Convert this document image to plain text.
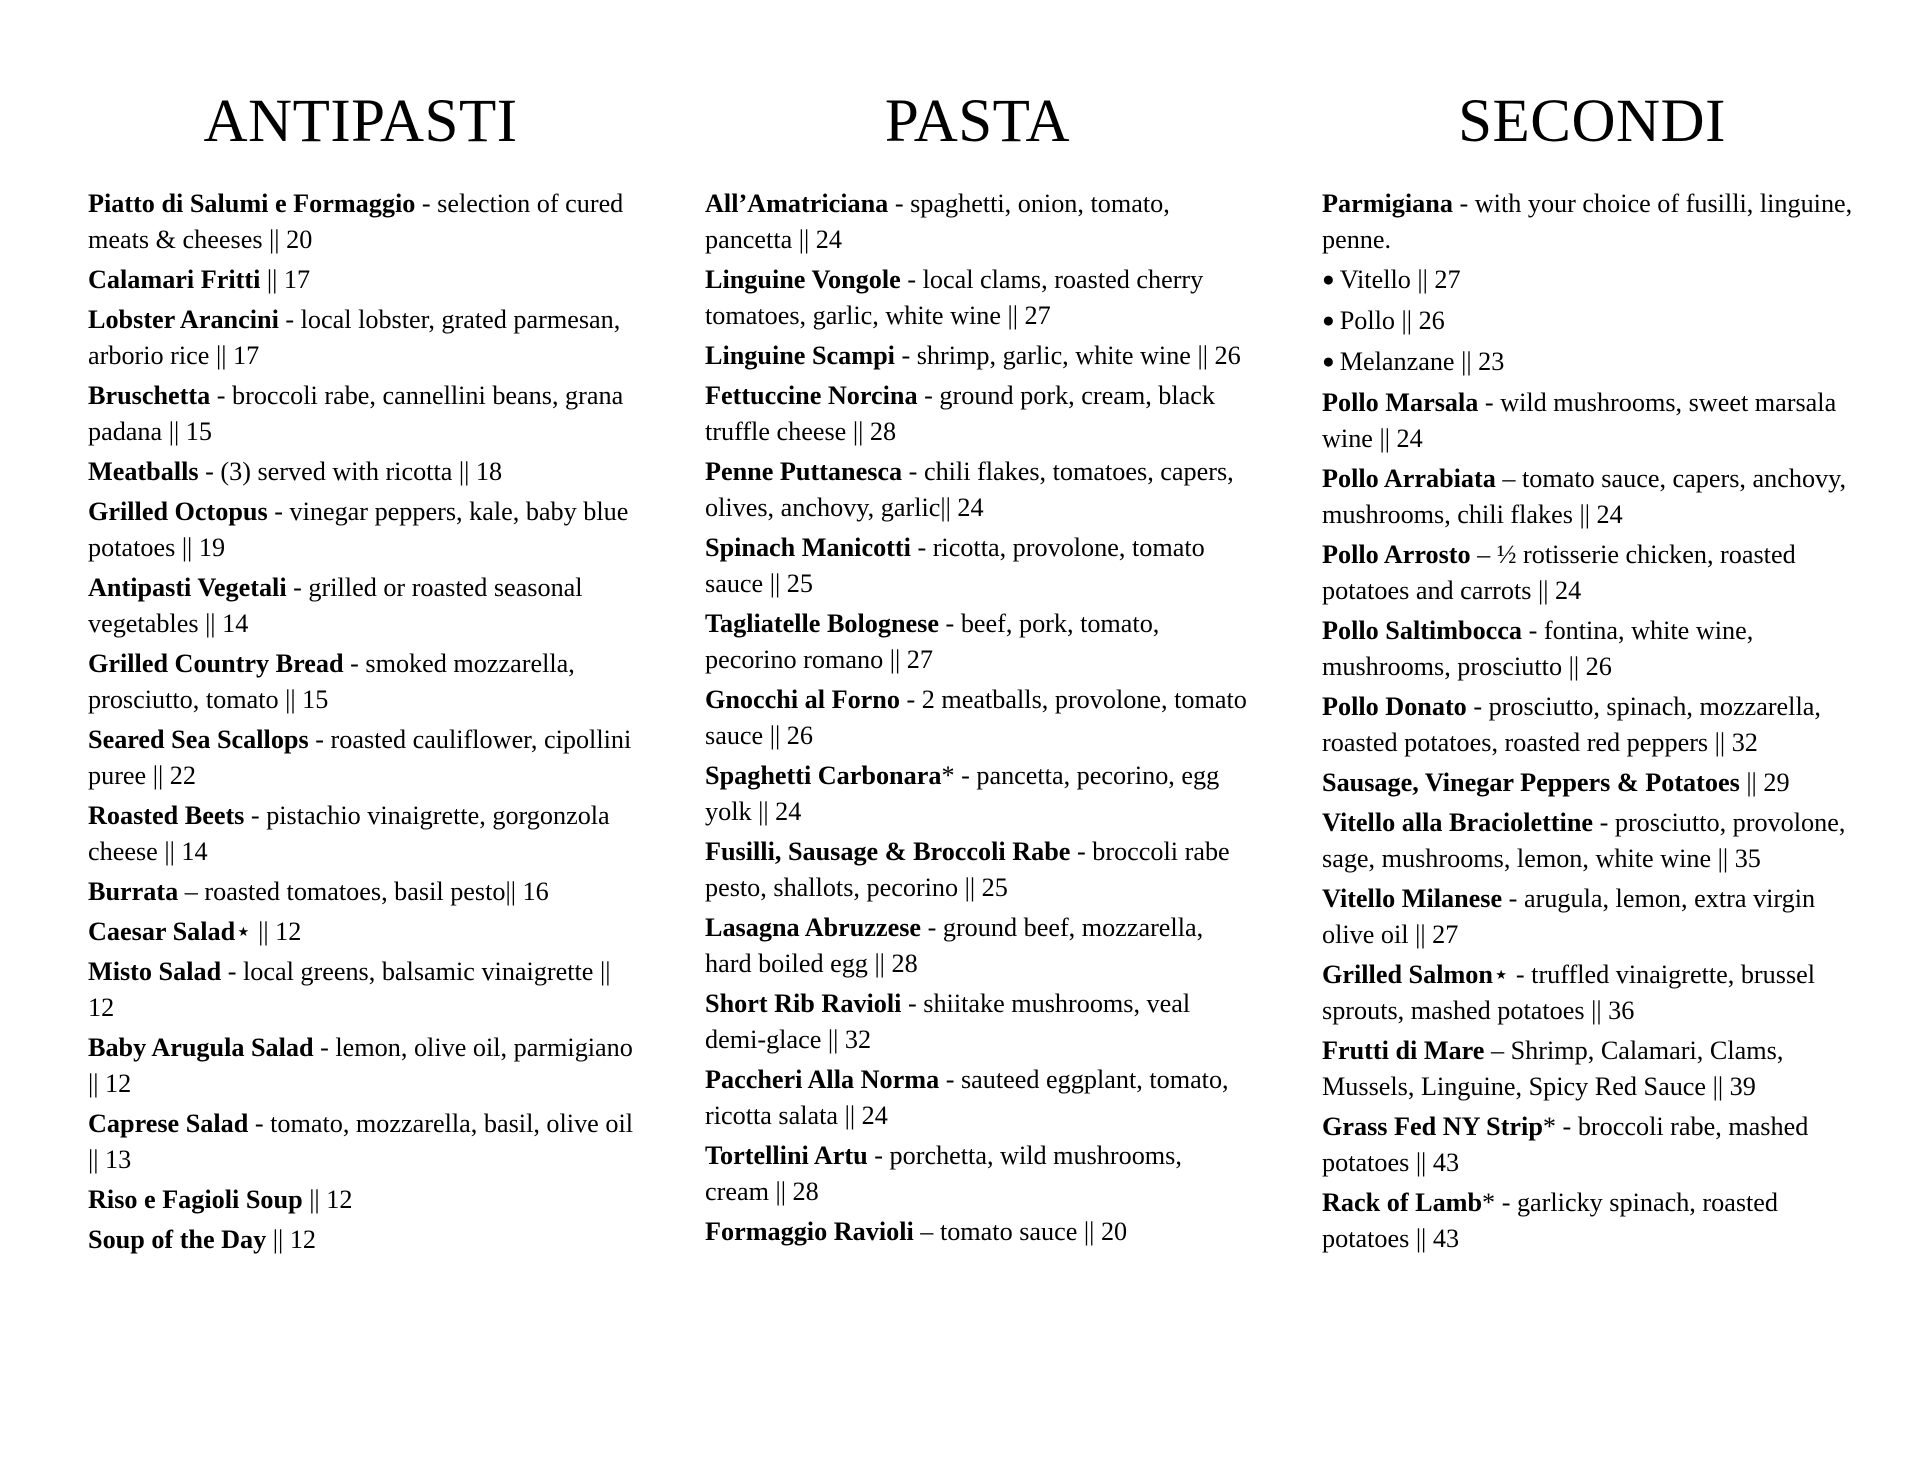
ANTIPASTI
Piatto di Salumi e Formaggio - selection of cured meats & cheeses || 20
Calamari Fritti || 17
Lobster Arancini - local lobster, grated parmesan, arborio rice || 17
Bruschetta - broccoli rabe, cannellini beans, grana padana || 15
Meatballs - (3) served with ricotta || 18
Grilled Octopus - vinegar peppers, kale, baby blue potatoes || 19
Antipasti Vegetali - grilled or roasted seasonal vegetables || 14
Grilled Country Bread - smoked mozzarella, prosciutto, tomato || 15
Seared Sea Scallops - roasted cauliflower, cipollini puree || 22
Roasted Beets - pistachio vinaigrette, gorgonzola cheese || 14
Burrata – roasted tomatoes, basil pesto|| 16
Caesar Salad⋆ || 12
Misto Salad - local greens, balsamic vinaigrette || 12
Baby Arugula Salad - lemon, olive oil, parmigiano || 12
Caprese Salad - tomato, mozzarella, basil, olive oil || 13
Riso e Fagioli Soup || 12
Soup of the Day || 12
PASTA
All’Amatriciana - spaghetti, onion, tomato, pancetta || 24
Linguine Vongole - local clams, roasted cherry tomatoes, garlic, white wine || 27
Linguine Scampi - shrimp, garlic, white wine || 26
Fettuccine Norcina - ground pork, cream, black truffle cheese || 28
Penne Puttanesca - chili flakes, tomatoes, capers, olives, anchovy, garlic|| 24
Spinach Manicotti - ricotta, provolone, tomato sauce || 25
Tagliatelle Bolognese - beef, pork, tomato, pecorino romano || 27
Gnocchi al Forno - 2 meatballs, provolone, tomato sauce || 26
Spaghetti Carbonara* - pancetta, pecorino, egg yolk || 24
Fusilli, Sausage & Broccoli Rabe - broccoli rabe pesto, shallots, pecorino || 25
Lasagna Abruzzese - ground beef, mozzarella, hard boiled egg || 28
Short Rib Ravioli - shiitake mushrooms, veal demi-glace || 32
Paccheri Alla Norma - sauteed eggplant, tomato, ricotta salata || 24
Tortellini Artu - porchetta, wild mushrooms, cream || 28
Formaggio Ravioli – tomato sauce || 20
SECONDI
Parmigiana - with your choice of fusilli, linguine, penne.
● Vitello || 27
● Pollo || 26
● Melanzane || 23
Pollo Marsala - wild mushrooms, sweet marsala wine || 24
Pollo Arrabiata – tomato sauce, capers, anchovy, mushrooms, chili flakes || 24
Pollo Arrosto – ½ rotisserie chicken, roasted potatoes and carrots || 24
Pollo Saltimbocca - fontina, white wine, mushrooms, prosciutto || 26
Pollo Donato - prosciutto, spinach, mozzarella, roasted potatoes, roasted red peppers || 32
Sausage, Vinegar Peppers & Potatoes || 29
Vitello alla Braciolettine - prosciutto, provolone, sage, mushrooms, lemon, white wine || 35
Vitello Milanese - arugula, lemon, extra virgin olive oil || 27
Grilled Salmon⋆ - truffled vinaigrette, brussel sprouts, mashed potatoes || 36
Frutti di Mare – Shrimp, Calamari, Clams, Mussels, Linguine, Spicy Red Sauce || 39
Grass Fed NY Strip* - broccoli rabe, mashed potatoes || 43
Rack of Lamb* - garlicky spinach, roasted potatoes || 43
